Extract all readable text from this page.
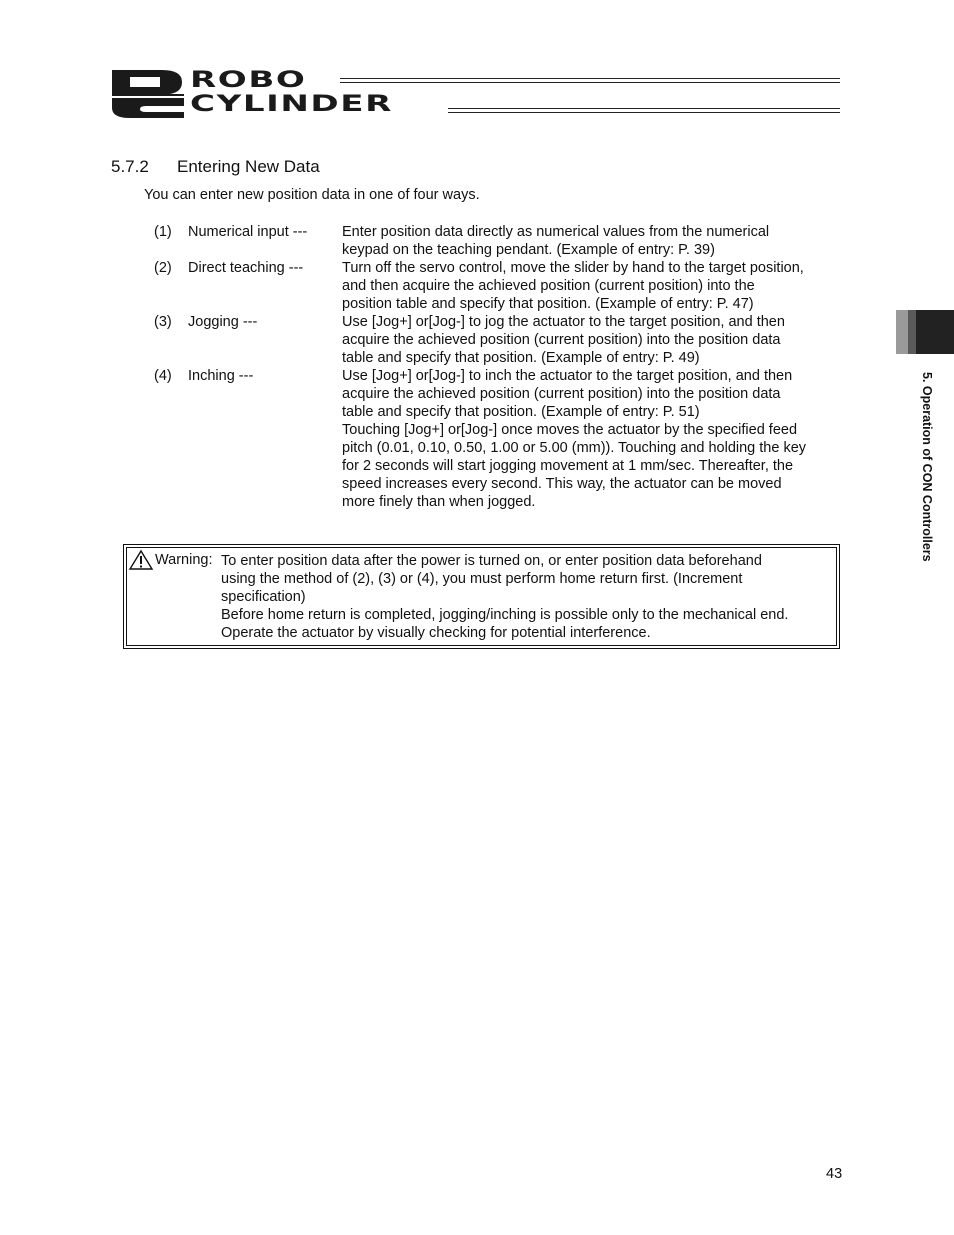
ROBO
CYLINDER
5.7.2 Entering New Data
You can enter new position data in one of four ways.
(1) Numerical input --- Enter position data directly as numerical values from the numerical
keypad on the teaching pendant. (Example of entry: P. 39)
(2) Direct teaching ---	Turn off the servo control, move the slider by hand to the target position,
and then acquire the achieved position (current position) into the
position table and specify that position. (Example of entry: P. 47)
(3) Jogging ---	Use [Jog+] or[Jog-] to jog the actuator to the target position, and then
acquire the achieved position (current position) into the position data
table and specify that position. (Example of entry: P. 49)
(4) Inching ---	Use [Jog+] or[Jog-] to inch the actuator to the target position, and then
acquire the achieved position (current position) into the position data
table and specify that position. (Example of entry: P. 51)
Touching [Jog+] or[Jog-] once moves the actuator by the specified feed
pitch (0.01, 0.10, 0.50, 1.00 or 5.00 (mm)). Touching and holding the key
for 2 seconds will start jogging movement at 1 mm/sec. Thereafter, the
speed increases every second. This way, the actuator can be moved
more finely than when jogged.
Warning: To enter position data after the power is turned on, or enter position data beforehand
using the method of (2), (3) or (4), you must perform home return first. (Increment
specification)
Before home return is completed, jogging/inching is possible only to the mechanical end.
Operate the actuator by visually checking for potential interference.
5. Operation of CON Controllers
43
